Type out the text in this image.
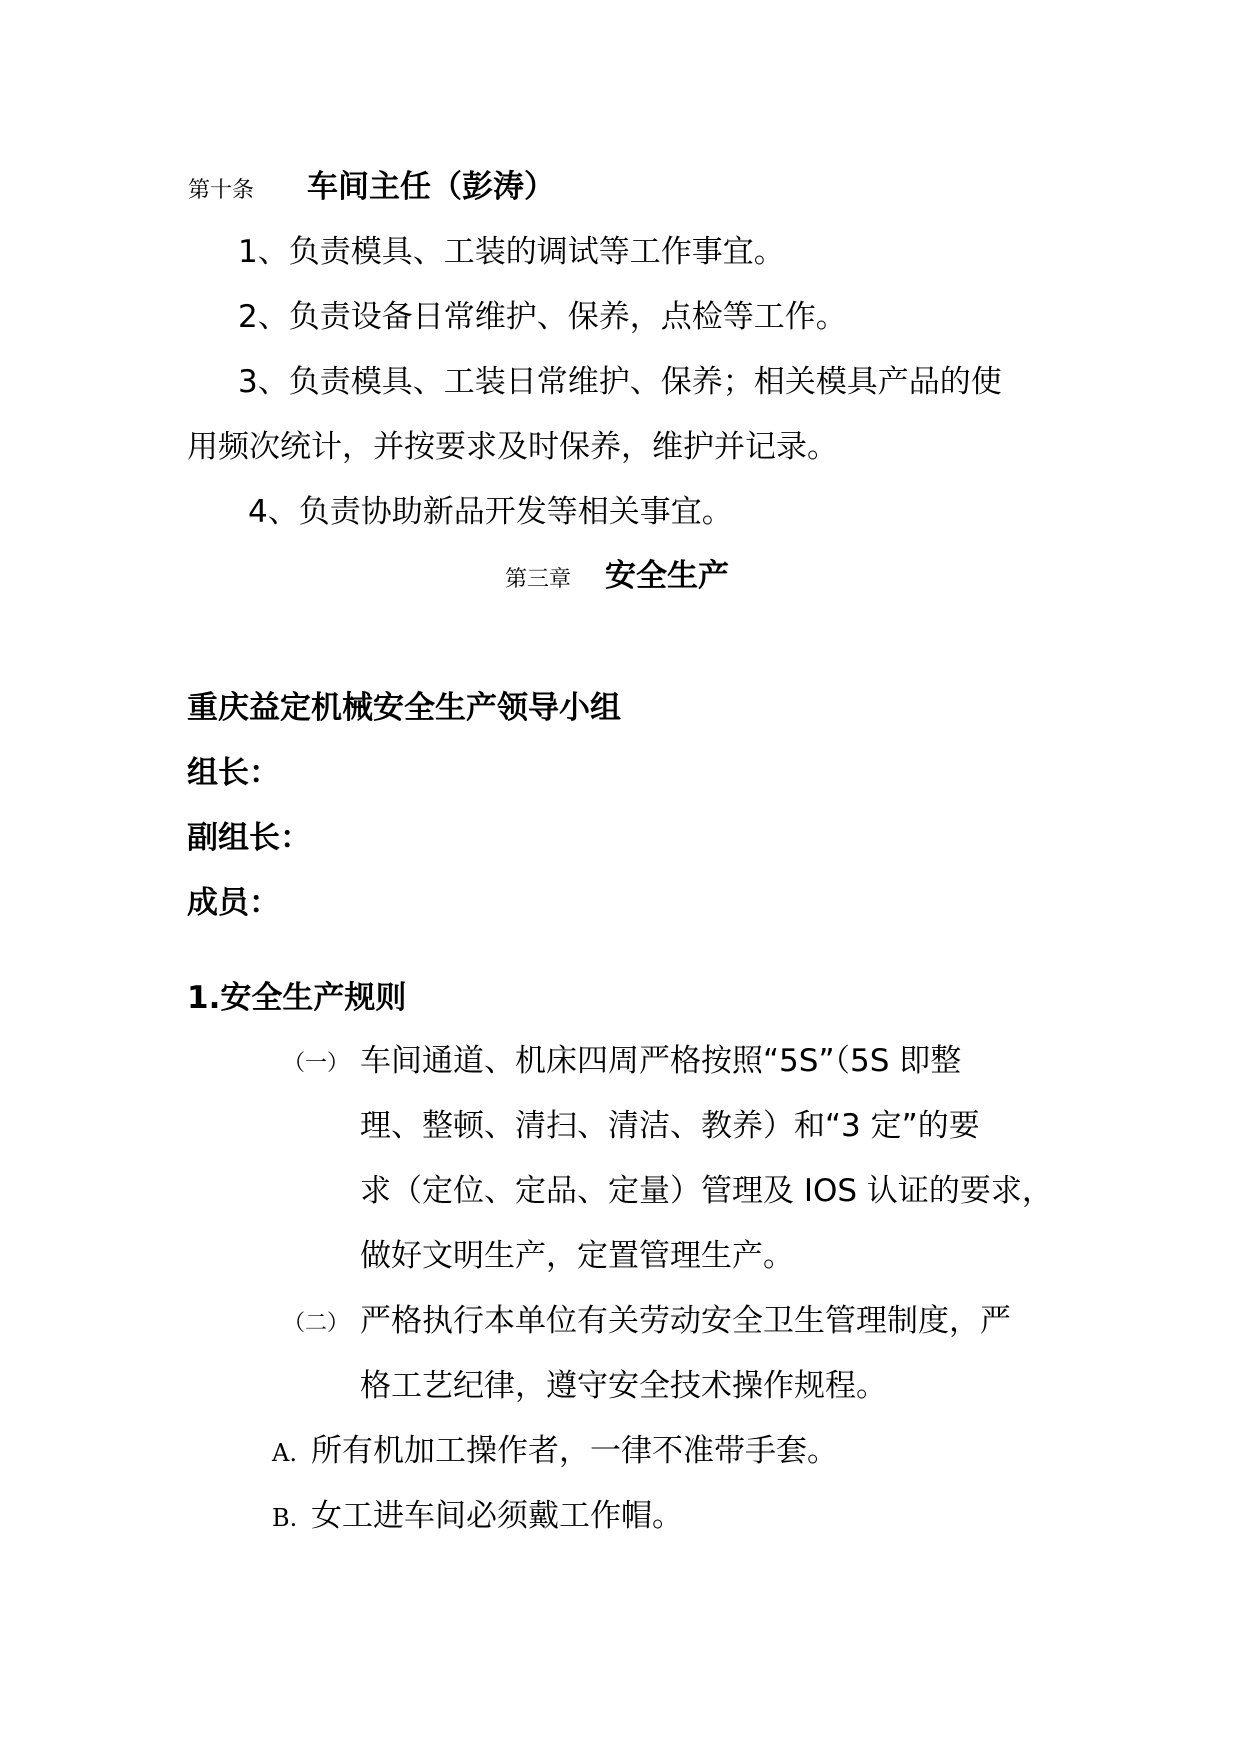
第十条 车间主任（彭涛）
1、负责模具、工装的调试等工作事宜。
2、负责设备日常维护、保养，点检等工作。
3、负责模具、工装日常维护、保养；相关模具产品的使
用频次统计，并按要求及时保养，维护并记录。
4、负责协助新品开发等相关事宜。
第三章 安全生产
重庆益定机械安全生产领导小组
组长：
副组长：
成员：
1.安全生产规则
（一） 车间通道、机床四周严格按照“5S”（5S 即整
理、整顿、清扫、清洁、教养）和“3 定”的要
求（定位、定品、定量）管理及 IOS 认证的要求，
做好文明生产，定置管理生产。
（二） 严格执行本单位有关劳动安全卫生管理制度，严
格工艺纪律，遵守安全技术操作规程。
A. 所有机加工操作者，一律不准带手套。
B. 女工进车间必须戴工作帽。
